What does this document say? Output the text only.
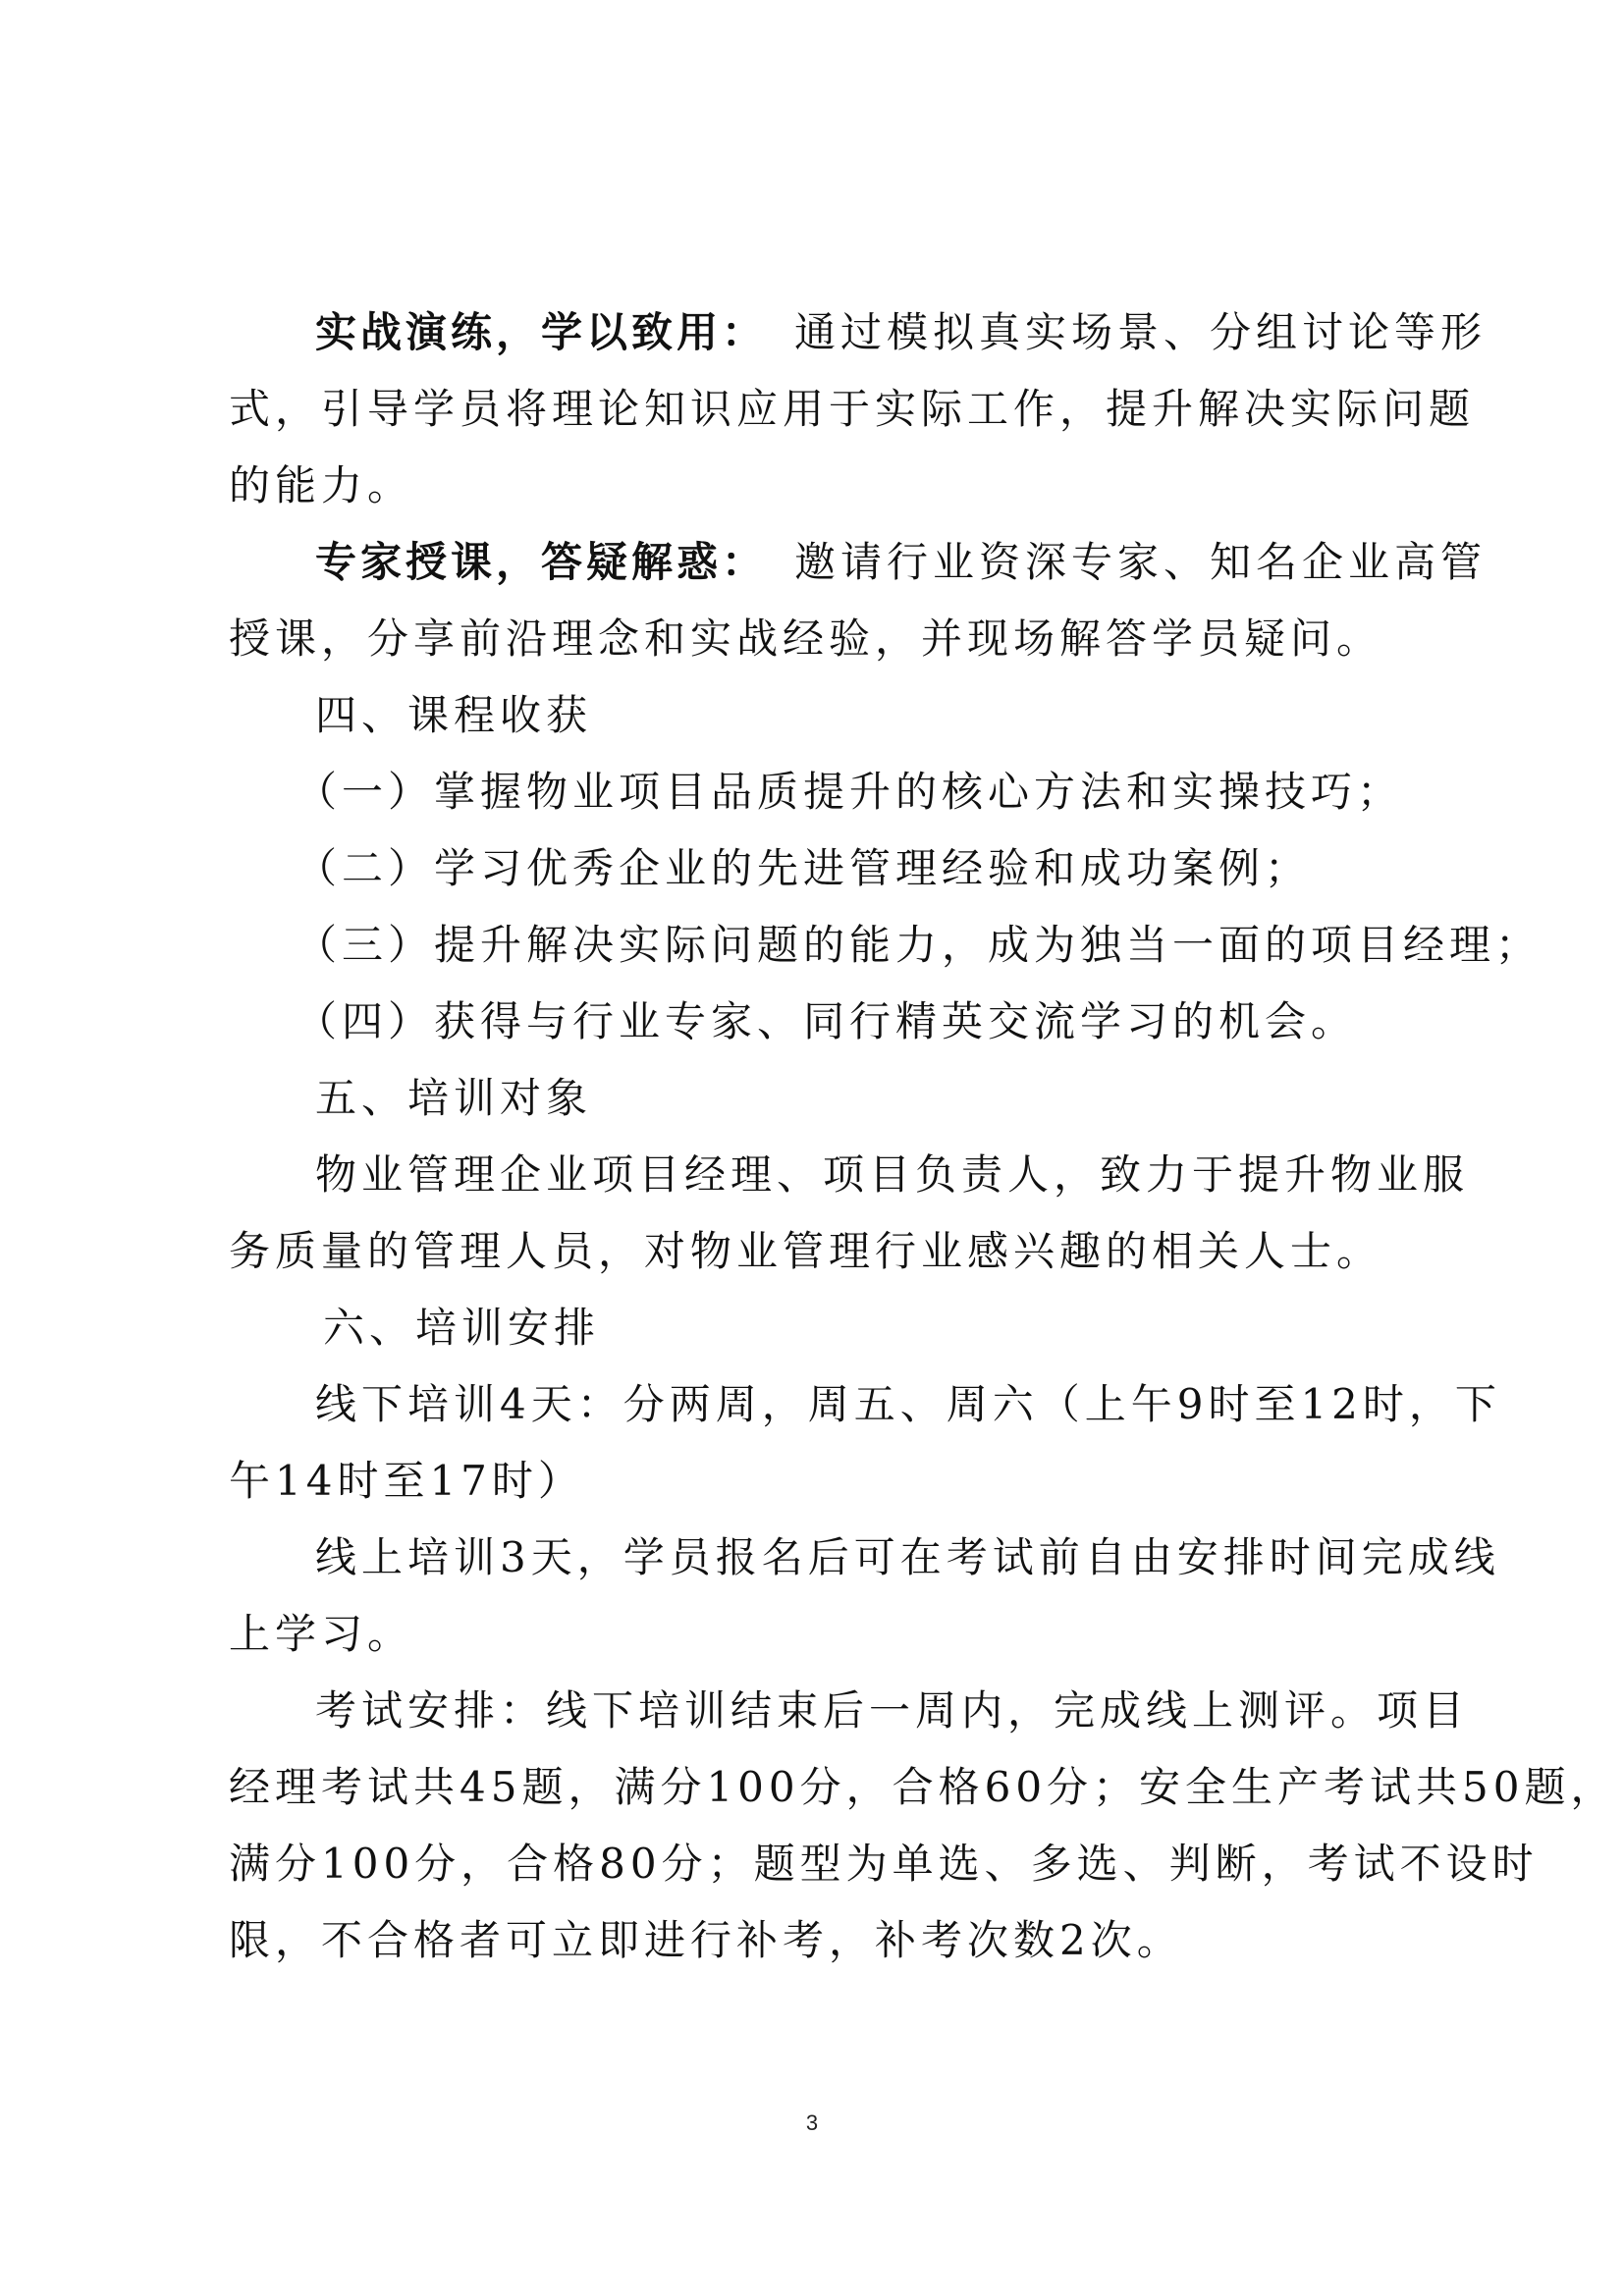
实战演练，学以致用： 通过模拟真实场景、分组讨论等形
式，引导学员将理论知识应用于实际工作，提升解决实际问题
的能力。
专家授课，答疑解惑： 邀请行业资深专家、知名企业高管
授课，分享前沿理念和实战经验，并现场解答学员疑问。
四、课程收获
（一）掌握物业项目品质提升的核心方法和实操技巧；
（二）学习优秀企业的先进管理经验和成功案例；
（三）提升解决实际问题的能力，成为独当一面的项目经理；
（四）获得与行业专家、同行精英交流学习的机会。
五、培训对象
物业管理企业项目经理、项目负责人，致力于提升物业服
务质量的管理人员，对物业管理行业感兴趣的相关人士。
六、培训安排
线下培训4天：分两周，周五、周六（上午9时至12时，下
午14时至17时）
线上培训3天，学员报名后可在考试前自由安排时间完成线
上学习。
考试安排：线下培训结束后一周内，完成线上测评。项目
经理考试共45题，满分100分，合格60分；安全生产考试共50题，
满分100分，合格80分；题型为单选、多选、判断，考试不设时
限，不合格者可立即进行补考，补考次数2次。
3
